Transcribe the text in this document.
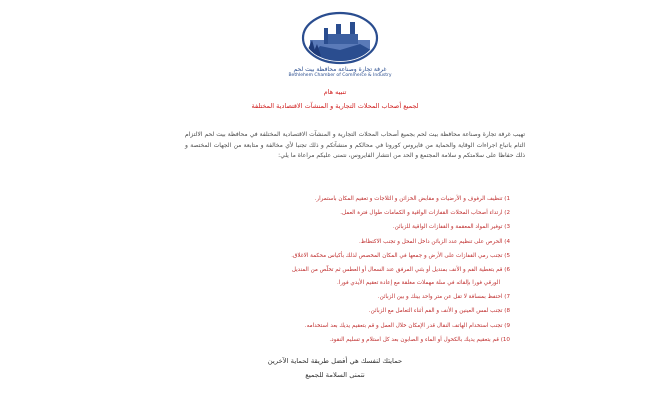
غرفة تجارة وصناعة محافظة بيت لحم
Bethlehem Chamber of Commerce & Industry
تنبيه هام
لجميع أصحاب المحلات التجارية و المنشآت الاقتصادية المختلفة
تهيب غرفة تجارة وصناعة محافظة بيت لحم بجميع أصحاب المحلات التجارية و المنشآت الاقتصادية المختلفة في محافظة بيت لحم الالتزام التام باتباع اجراءات الوقاية والحماية من فايروس كورونا في محالكم و منشآتكم و ذلك تجنبا لأي مخالفة و متابعة من الجهات المختصة و ذلك حفاظا على سلامتكم و سلامة المجتمع و الحد من انتشار الفايروس، نتمنى عليكم مراعاة ما يلي:
1) تنظيف الرفوف و الأرضيات و مقابض الخزائن و الثلاجات و تعقيم المكان باستمرار.
2) ارتداء أصحاب المحلات القفازات الواقية و الكمامات طوال فترة العمل.
3) توفير المواد المعقمة و القفازات الواقية للزبائن.
4) الحرص على تنظيم عدد الزبائن داخل المحل و تجنب الاكتظاظ.
5) تجنب رمي القفازات على الأرض و جمعها في المكان المخصص لذلك بأكياس محكمة الاغلاق.
6) قم بتغطية الفم و الأنف بمنديل أو بثني المرفق عند السعال أو العطس ثم تخلّص من المنديل
الورقي فورا بإلقائه في سلة مهملات مغلقة مع إعادة تعقيم الأيدي فورا.
7) احتفظ بمسافة لا تقل عن متر واحد بينك و بين الزبائن.
8) تجنب لمس العينين و الأنف و الفم أثناء التعامل مع الزبائن.
9) تجنب استخدام الهاتف النقال قدر الإمكان خلال العمل و قم بتعقيم يديك بعد استخدامه.
10) قم بتعقيم يديك بالكحول أو الماء و الصابون بعد كل استلام و تسليم النقود.
حمايتك لنفسك هي أفضل طريقة لحماية الآخرين
نتمنى السلامة للجميع
